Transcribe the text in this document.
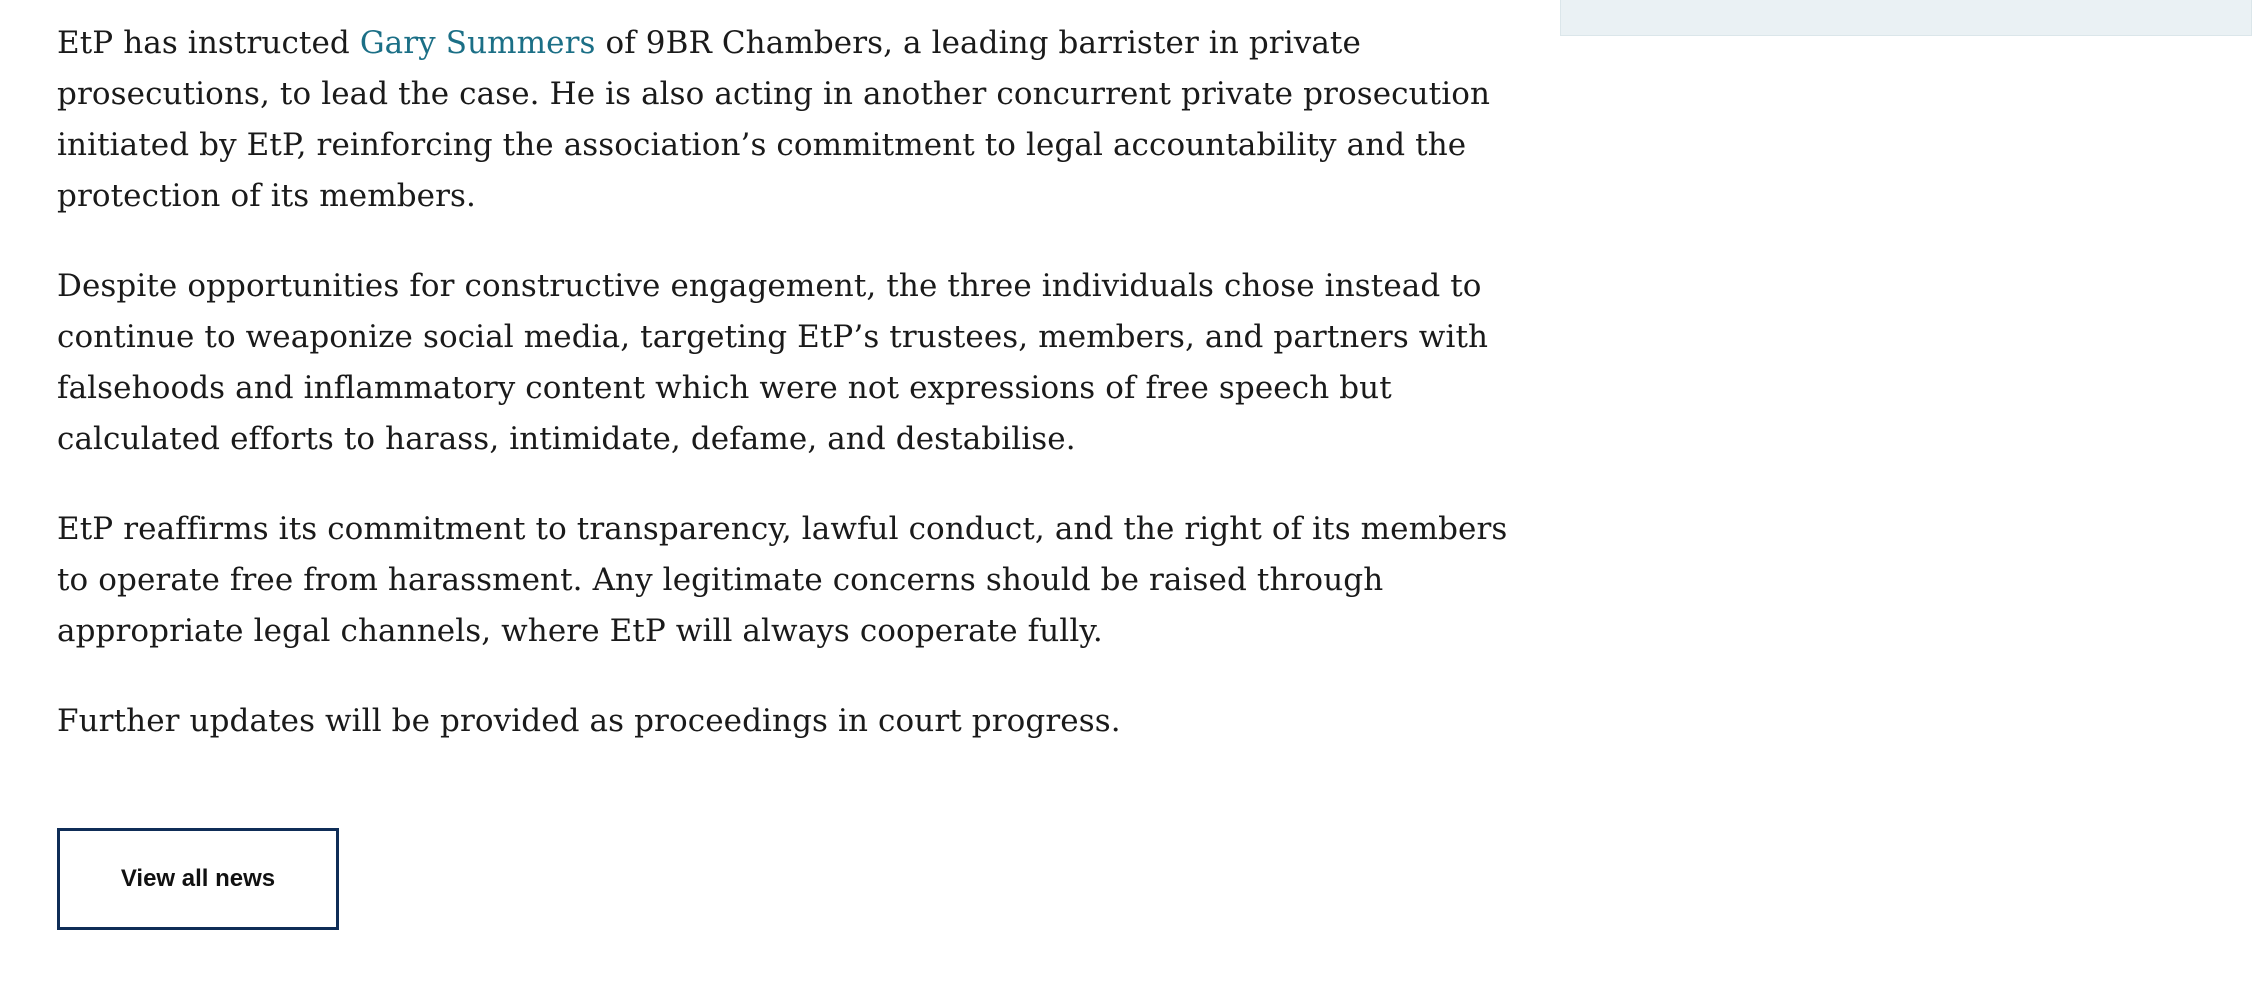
EtP has instructed Gary Summers of 9BR Chambers, a leading barrister in private prosecutions, to lead the case. He is also acting in another concurrent private prosecution initiated by EtP, reinforcing the association’s commitment to legal accountability and the protection of its members.

Despite opportunities for constructive engagement, the three individuals chose instead to continue to weaponize social media, targeting EtP’s trustees, members, and partners with falsehoods and inflammatory content which were not expressions of free speech but calculated efforts to harass, intimidate, defame, and destabilise.

EtP reaffirms its commitment to transparency, lawful conduct, and the right of its members to operate free from harassment. Any legitimate concerns should be raised through appropriate legal channels, where EtP will always cooperate fully.

Further updates will be provided as proceedings in court progress.

View all news
